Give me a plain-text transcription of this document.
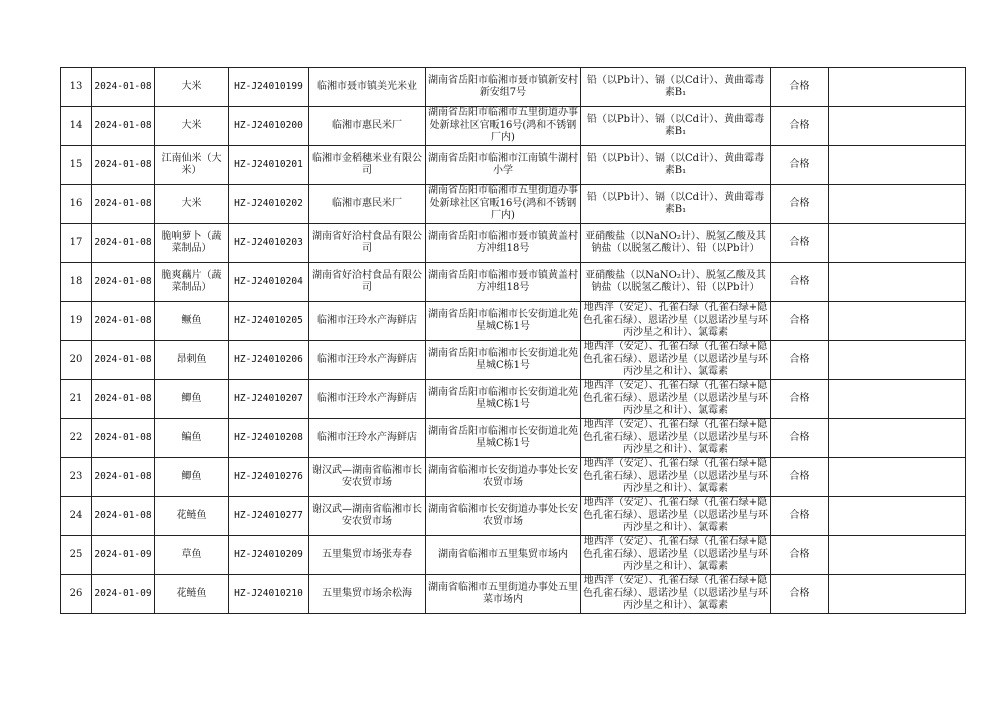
13	2024-01-08	大米	HZ-J24010199	临湘市聂市镇美光米业	湖南省岳阳市临湘市聂市镇新安村新安组7号	铅（以Pb计）、镉（以Cd计）、黄曲霉毒素B₁	合格	
14	2024-01-08	大米	HZ-J24010200	临湘市惠民米厂	湖南省岳阳市临湘市五里街道办事处新球社区官畈16号(鸿和不锈钢厂内)	铅（以Pb计）、镉（以Cd计）、黄曲霉毒素B₁	合格	
15	2024-01-08	江南仙米（大米）	HZ-J24010201	临湘市金稻穗米业有限公司	湖南省岳阳市临湘市江南镇牛湖村小学	铅（以Pb计）、镉（以Cd计）、黄曲霉毒素B₁	合格	
16	2024-01-08	大米	HZ-J24010202	临湘市惠民米厂	湖南省岳阳市临湘市五里街道办事处新球社区官畈16号(鸿和不锈钢厂内)	铅（以Pb计）、镉（以Cd计）、黄曲霉毒素B₁	合格	
17	2024-01-08	脆响萝卜（蔬菜制品）	HZ-J24010203	湖南省好洽村食品有限公司	湖南省岳阳市临湘市聂市镇黄盖村方冲组18号	亚硝酸盐（以NaNO₂计）、脱氢乙酸及其钠盐（以脱氢乙酸计）、铅（以Pb计）	合格	
18	2024-01-08	脆爽藕片（蔬菜制品）	HZ-J24010204	湖南省好洽村食品有限公司	湖南省岳阳市临湘市聂市镇黄盖村方冲组18号	亚硝酸盐（以NaNO₂计）、脱氢乙酸及其钠盐（以脱氢乙酸计）、铅（以Pb计）	合格	
19	2024-01-08	鳜鱼	HZ-J24010205	临湘市汪玲水产海鲜店	湖南省岳阳市临湘市长安街道北苑星城C栋1号	地西泮（安定）、孔雀石绿（孔雀石绿+隐色孔雀石绿）、恩诺沙星（以恩诺沙星与环丙沙星之和计）、氯霉素	合格	
20	2024-01-08	昂刺鱼	HZ-J24010206	临湘市汪玲水产海鲜店	湖南省岳阳市临湘市长安街道北苑星城C栋1号	地西泮（安定）、孔雀石绿（孔雀石绿+隐色孔雀石绿）、恩诺沙星（以恩诺沙星与环丙沙星之和计）、氯霉素	合格	
21	2024-01-08	鲫鱼	HZ-J24010207	临湘市汪玲水产海鲜店	湖南省岳阳市临湘市长安街道北苑星城C栋1号	地西泮（安定）、孔雀石绿（孔雀石绿+隐色孔雀石绿）、恩诺沙星（以恩诺沙星与环丙沙星之和计）、氯霉素	合格	
22	2024-01-08	鳊鱼	HZ-J24010208	临湘市汪玲水产海鲜店	湖南省岳阳市临湘市长安街道北苑星城C栋1号	地西泮（安定）、孔雀石绿（孔雀石绿+隐色孔雀石绿）、恩诺沙星（以恩诺沙星与环丙沙星之和计）、氯霉素	合格	
23	2024-01-08	鲫鱼	HZ-J24010276	谢汉武—湖南省临湘市长安农贸市场	湖南省临湘市长安街道办事处长安农贸市场	地西泮（安定）、孔雀石绿（孔雀石绿+隐色孔雀石绿）、恩诺沙星（以恩诺沙星与环丙沙星之和计）、氯霉素	合格	
24	2024-01-08	花鲢鱼	HZ-J24010277	谢汉武—湖南省临湘市长安农贸市场	湖南省临湘市长安街道办事处长安农贸市场	地西泮（安定）、孔雀石绿（孔雀石绿+隐色孔雀石绿）、恩诺沙星（以恩诺沙星与环丙沙星之和计）、氯霉素	合格	
25	2024-01-09	草鱼	HZ-J24010209	五里集贸市场张寿春	湖南省临湘市五里集贸市场内	地西泮（安定）、孔雀石绿（孔雀石绿+隐色孔雀石绿）、恩诺沙星（以恩诺沙星与环丙沙星之和计）、氯霉素	合格	
26	2024-01-09	花鲢鱼	HZ-J24010210	五里集贸市场余松海	湖南省临湘市五里街道办事处五里菜市场内	地西泮（安定）、孔雀石绿（孔雀石绿+隐色孔雀石绿）、恩诺沙星（以恩诺沙星与环丙沙星之和计）、氯霉素	合格	
